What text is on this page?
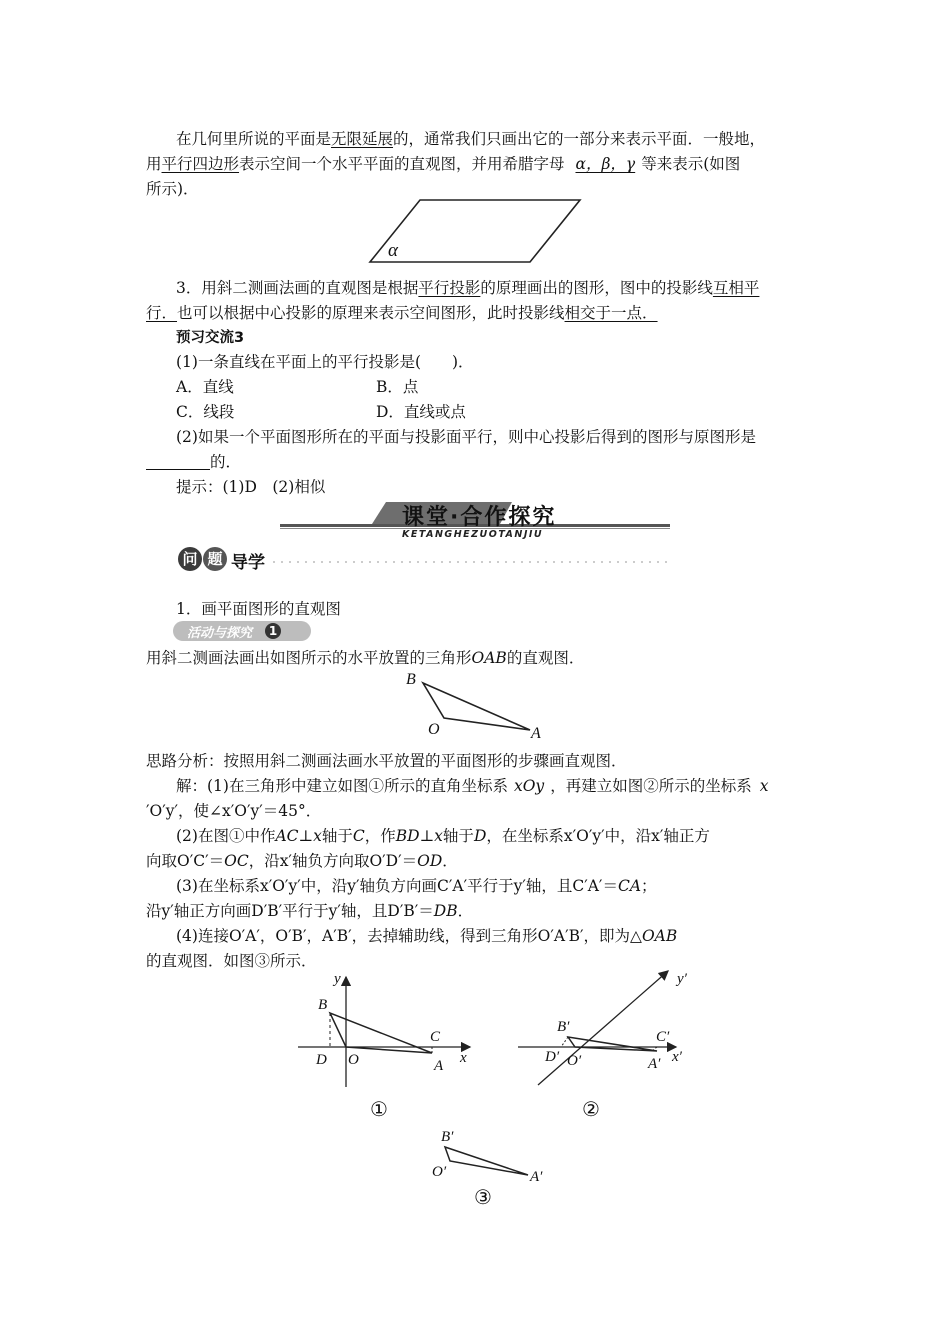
在几何里所说的平面是无限延展的，通常我们只画出它的一部分来表示平面．一般地，
用平行四边形表示空间一个水平平面的直观图，并用希腊字母 α，β，γ 等来表示(如图
所示)．
α
3．用斜二测画法画的直观图是根据平行投影的原理画出的图形，图中的投影线互相平
行．也可以根据中心投影的原理来表示空间图形，此时投影线相交于一点．
预习交流3
(1)一条直线在平面上的平行投影是(　　)．
A．直线	B．点
C．线段	D．直线或点
(2)如果一个平面图形所在的平面与投影面平行，则中心投影后得到的图形与原图形是
的．
提示：(1)D　(2)相似
课堂·合作探究
KETANGHEZUOTANJIU
问 题 导学
1．画平面图形的直观图
活动与探究	1
用斜二测画法画出如图所示的水平放置的三角形OAB的直观图．
B
O	A
思路分析：按照用斜二测画法画水平放置的平面图形的步骤画直观图．
解：(1)在三角形中建立如图①所示的直角坐标系 xOy ，再建立如图②所示的坐标系 x
′O′y′，使∠x′O′y′＝45°．
(2)在图①中作AC⊥x轴于C，作BD⊥x轴于D，在坐标系x′O′y′中，沿x′轴正方
向取O′C′＝OC，沿x′轴负方向取O′D′＝OD．
(3)在坐标系x′O′y′中，沿y′轴负方向画C′A′平行于y′轴，且C′A′＝CA；
沿y′轴正方向画D′B′平行于y′轴，且D′B′＝DB．
(4)连接O′A′，O′B′，A′B′，去掉辅助线，得到三角形O′A′B′，即为△OAB
的直观图．如图③所示．
y
B
C
D O	A x
①
y′
B′
C′
D′ O′	A′ x′
②
B′
O′	A′
③
